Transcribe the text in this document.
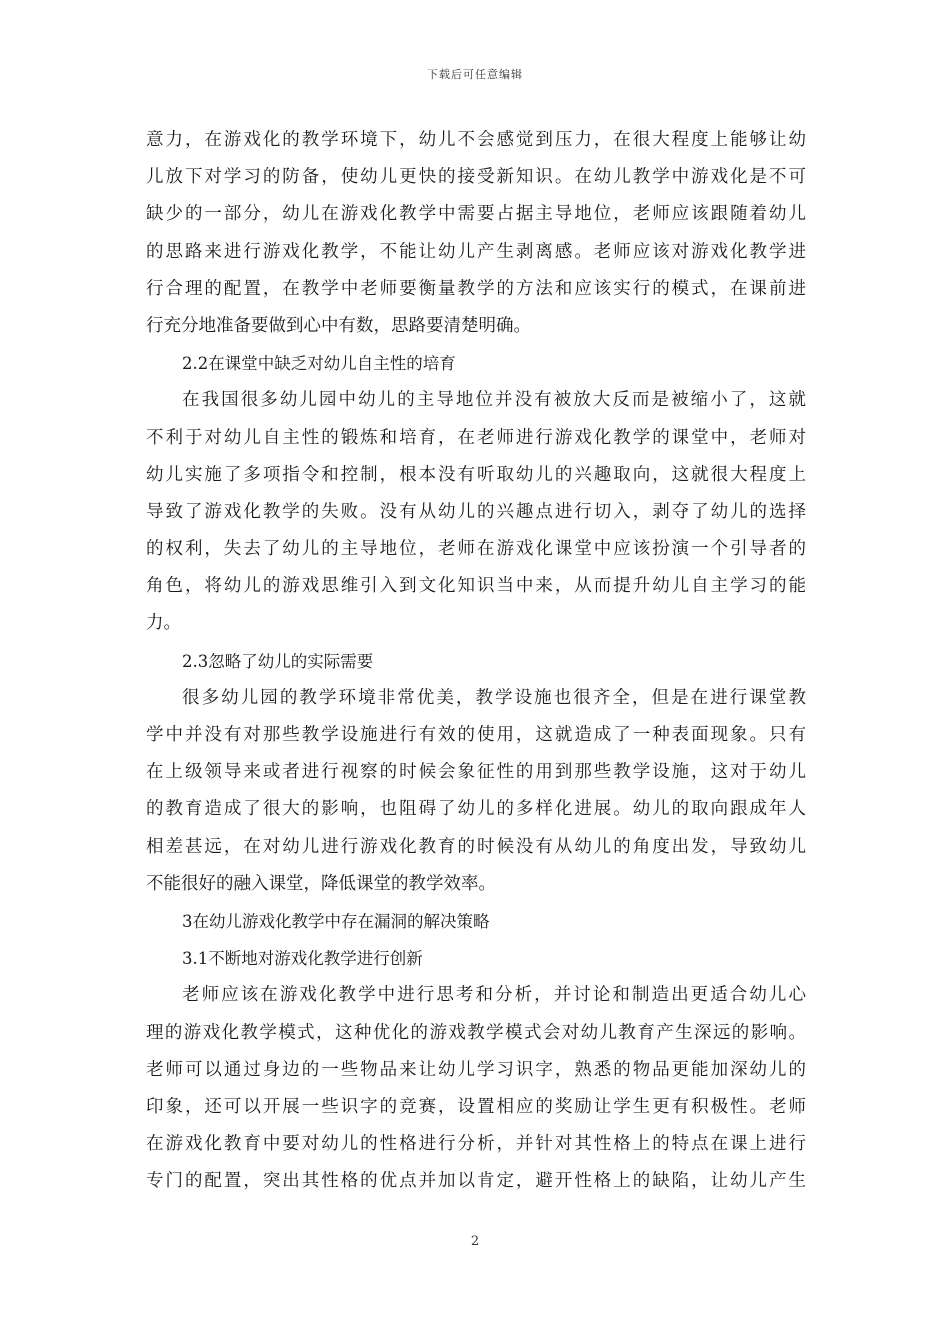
下载后可任意编辑
意力，在游戏化的教学环境下，幼儿不会感觉到压力，在很大程度上能够让幼
儿放下对学习的防备，使幼儿更快的接受新知识。在幼儿教学中游戏化是不可
缺少的一部分，幼儿在游戏化教学中需要占据主导地位，老师应该跟随着幼儿
的思路来进行游戏化教学，不能让幼儿产生剥离感。老师应该对游戏化教学进
行合理的配置，在教学中老师要衡量教学的方法和应该实行的模式，在课前进
行充分地准备要做到心中有数，思路要清楚明确。
2.2在课堂中缺乏对幼儿自主性的培育
在我国很多幼儿园中幼儿的主导地位并没有被放大反而是被缩小了，这就
不利于对幼儿自主性的锻炼和培育，在老师进行游戏化教学的课堂中，老师对
幼儿实施了多项指令和控制，根本没有听取幼儿的兴趣取向，这就很大程度上
导致了游戏化教学的失败。没有从幼儿的兴趣点进行切入，剥夺了幼儿的选择
的权利，失去了幼儿的主导地位，老师在游戏化课堂中应该扮演一个引导者的
角色，将幼儿的游戏思维引入到文化知识当中来，从而提升幼儿自主学习的能
力。
2.3忽略了幼儿的实际需要
很多幼儿园的教学环境非常优美，教学设施也很齐全，但是在进行课堂教
学中并没有对那些教学设施进行有效的使用，这就造成了一种表面现象。只有
在上级领导来或者进行视察的时候会象征性的用到那些教学设施，这对于幼儿
的教育造成了很大的影响，也阻碍了幼儿的多样化进展。幼儿的取向跟成年人
相差甚远，在对幼儿进行游戏化教育的时候没有从幼儿的角度出发，导致幼儿
不能很好的融入课堂，降低课堂的教学效率。
3在幼儿游戏化教学中存在漏洞的解决策略
3.1不断地对游戏化教学进行创新
老师应该在游戏化教学中进行思考和分析，并讨论和制造出更适合幼儿心
理的游戏化教学模式，这种优化的游戏教学模式会对幼儿教育产生深远的影响。
老师可以通过身边的一些物品来让幼儿学习识字，熟悉的物品更能加深幼儿的
印象，还可以开展一些识字的竞赛，设置相应的奖励让学生更有积极性。老师
在游戏化教育中要对幼儿的性格进行分析，并针对其性格上的特点在课上进行
专门的配置，突出其性格的优点并加以肯定，避开性格上的缺陷，让幼儿产生
2
